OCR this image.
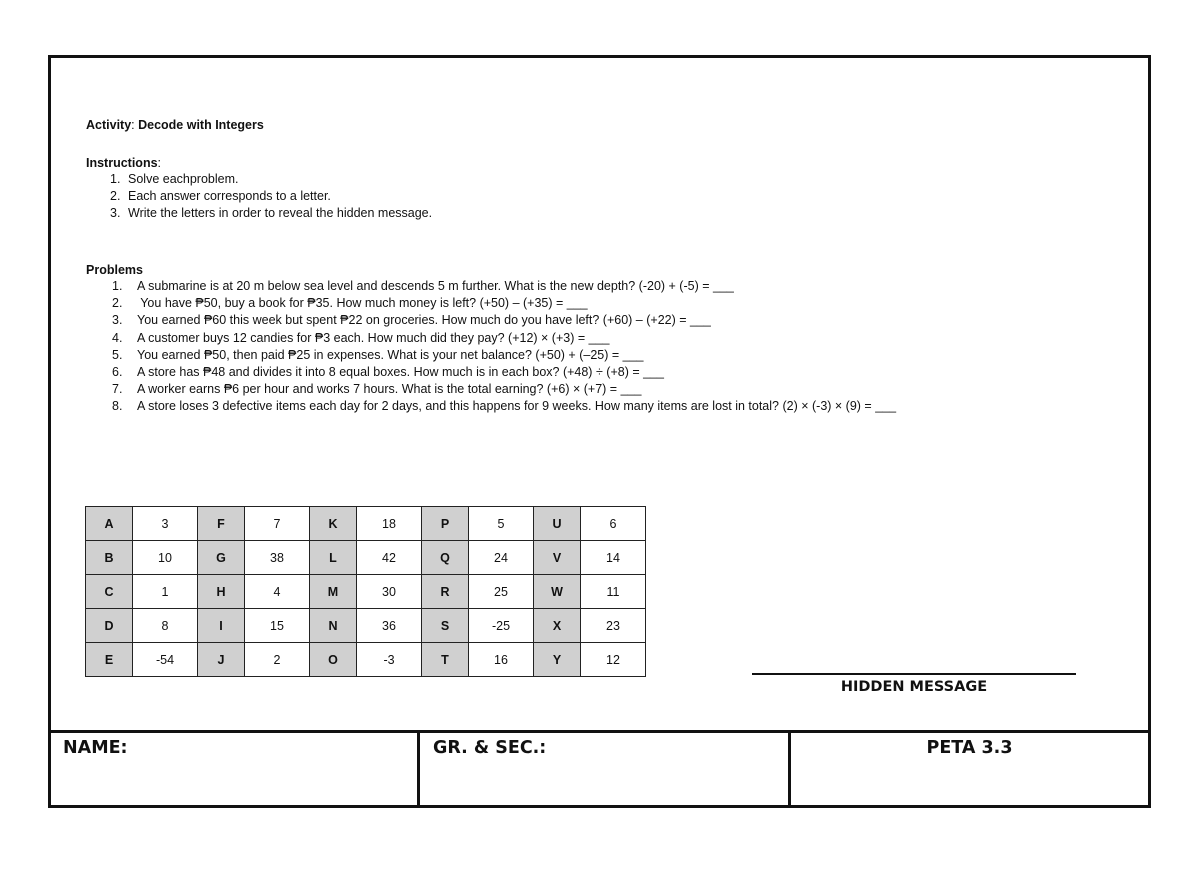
Activity: Decode with Integers
Instructions:
1. Solve eachproblem.
2. Each answer corresponds to a letter.
3. Write the letters in order to reveal the hidden message.
Problems
1. A submarine is at 20 m below sea level and descends 5 m further. What is the new depth? (-20) + (-5) = ___
2. You have ₱50, buy a book for ₱35. How much money is left? (+50) – (+35) = ___
3. You earned ₱60 this week but spent ₱22 on groceries. How much do you have left? (+60) – (+22) = ___
4. A customer buys 12 candies for ₱3 each. How much did they pay? (+12) × (+3) = ___
5. You earned ₱50, then paid ₱25 in expenses. What is your net balance? (+50) + (–25) = ___
6. A store has ₱48 and divides it into 8 equal boxes. How much is in each box? (+48) ÷ (+8) = ___
7. A worker earns ₱6 per hour and works 7 hours. What is the total earning? (+6) × (+7) = ___
8. A store loses 3 defective items each day for 2 days, and this happens for 9 weeks. How many items are lost in total? (2) × (-3) × (9) = ___
NAME:	GR. & SEC.:	PETA 3.3
A	3	F	7	K	18	P	5	U	6
B	10	G	38	L	42	Q	24	V	14
C	1	H	4	M	30	R	25	W	11
D	8	I	15	N	36	S	-25	X	23
E	-54	J	2	O	-3	T	16	Y	12
HIDDEN MESSAGE
